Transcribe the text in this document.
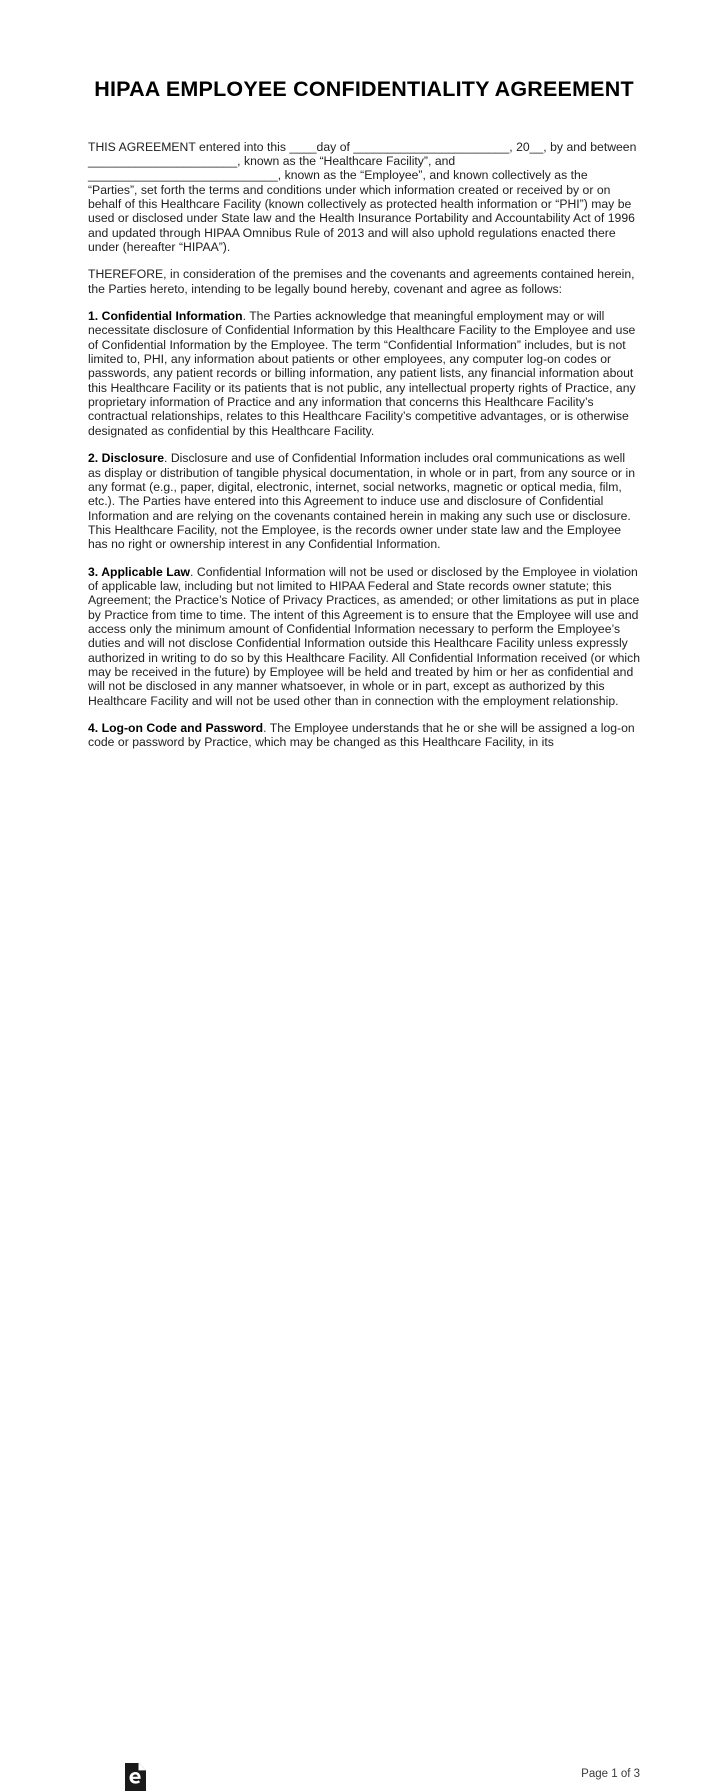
HIPAA EMPLOYEE CONFIDENTIALITY AGREEMENT

THIS AGREEMENT entered into this ____day of _______________________, 20__, by and between ______________________, known as the “Healthcare Facility”, and ____________________________, known as the “Employee”, and known collectively as the “Parties”, set forth the terms and conditions under which information created or received by or on behalf of this Healthcare Facility (known collectively as protected health information or “PHI”) may be used or disclosed under State law and the Health Insurance Portability and Accountability Act of 1996 and updated through HIPAA Omnibus Rule of 2013 and will also uphold regulations enacted there under (hereafter “HIPAA”).

THEREFORE, in consideration of the premises and the covenants and agreements contained herein, the Parties hereto, intending to be legally bound hereby, covenant and agree as follows:

1. Confidential Information. The Parties acknowledge that meaningful employment may or will necessitate disclosure of Confidential Information by this Healthcare Facility to the Employee and use of Confidential Information by the Employee. The term “Confidential Information” includes, but is not limited to, PHI, any information about patients or other employees, any computer log-on codes or passwords, any patient records or billing information, any patient lists, any financial information about this Healthcare Facility or its patients that is not public, any intellectual property rights of Practice, any proprietary information of Practice and any information that concerns this Healthcare Facility’s contractual relationships, relates to this Healthcare Facility’s competitive advantages, or is otherwise designated as confidential by this Healthcare Facility.

2. Disclosure. Disclosure and use of Confidential Information includes oral communications as well as display or distribution of tangible physical documentation, in whole or in part, from any source or in any format (e.g., paper, digital, electronic, internet, social networks, magnetic or optical media, film, etc.). The Parties have entered into this Agreement to induce use and disclosure of Confidential Information and are relying on the covenants contained herein in making any such use or disclosure. This Healthcare Facility, not the Employee, is the records owner under state law and the Employee has no right or ownership interest in any Confidential Information.

3. Applicable Law. Confidential Information will not be used or disclosed by the Employee in violation of applicable law, including but not limited to HIPAA Federal and State records owner statute; this Agreement; the Practice’s Notice of Privacy Practices, as amended; or other limitations as put in place by Practice from time to time. The intent of this Agreement is to ensure that the Employee will use and access only the minimum amount of Confidential Information necessary to perform the Employee’s duties and will not disclose Confidential Information outside this Healthcare Facility unless expressly authorized in writing to do so by this Healthcare Facility. All Confidential Information received (or which may be received in the future) by Employee will be held and treated by him or her as confidential and will not be disclosed in any manner whatsoever, in whole or in part, except as authorized by this Healthcare Facility and will not be used other than in connection with the employment relationship.

4. Log-on Code and Password. The Employee understands that he or she will be assigned a log-on code or password by Practice, which may be changed as this Healthcare Facility, in its

Page 1 of 3
